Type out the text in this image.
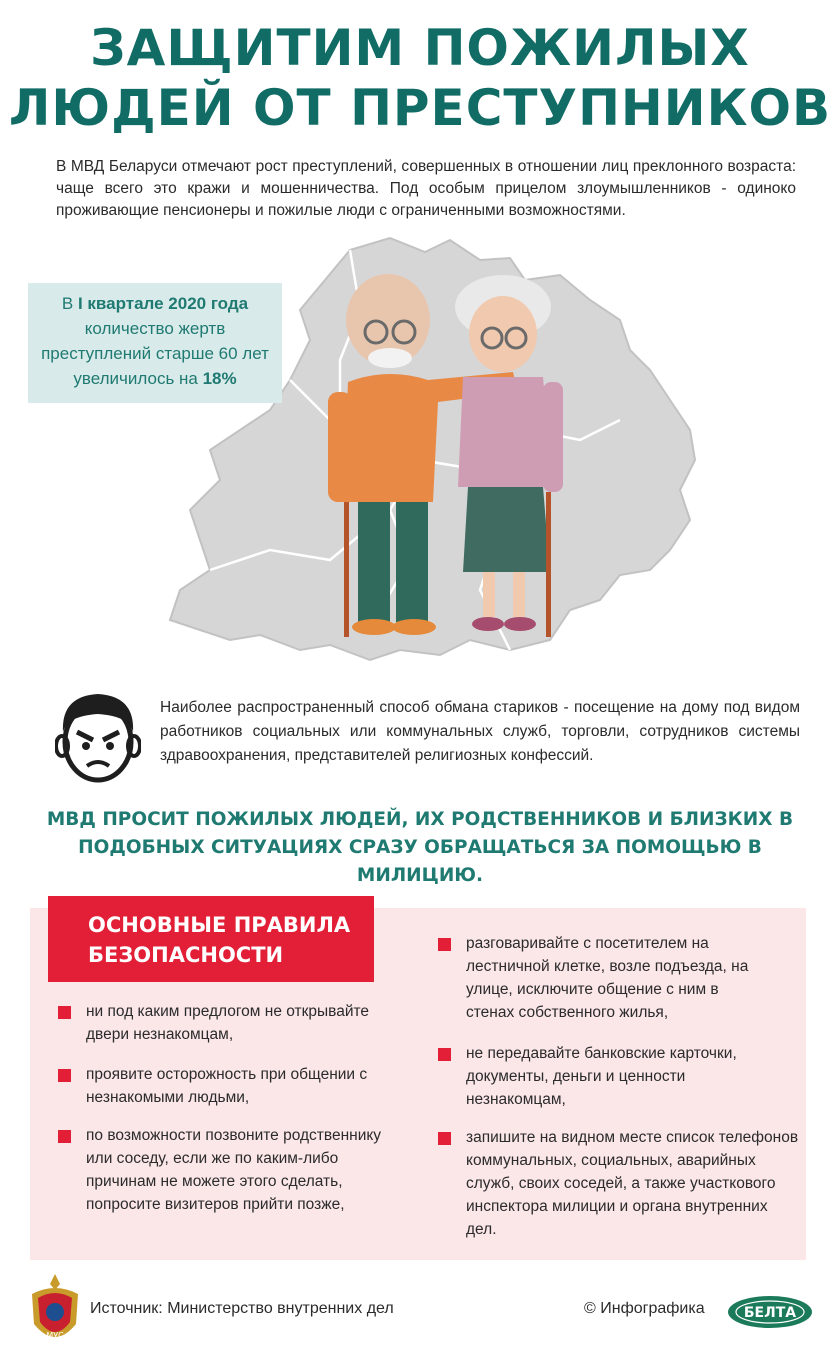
ЗАЩИТИМ ПОЖИЛЫХ
ЛЮДЕЙ ОТ ПРЕСТУПНИКОВ
В МВД Беларуси отмечают рост преступлений, совершенных в отношении лиц преклонного возраста: чаще всего это кражи и мошенничества. Под особым прицелом злоумышленников - одиноко проживающие пенсионеры и пожилые люди с ограниченными возможностями.
В I квартале 2020 года
количество жертв
преступлений старше 60 лет
увеличилось на 18%
Наиболее распространенный способ обмана стариков - посещение на дому под видом работников социальных или коммунальных служб, торговли, сотрудников системы здравоохранения, представителей религиозных конфессий.
МВД ПРОСИТ ПОЖИЛЫХ ЛЮДЕЙ, ИХ РОДСТВЕННИКОВ И БЛИЗКИХ В
ПОДОБНЫХ СИТУАЦИЯХ СРАЗУ ОБРАЩАТЬСЯ ЗА ПОМОЩЬЮ В МИЛИЦИЮ.
ОСНОВНЫЕ ПРАВИЛА
БЕЗОПАСНОСТИ
ни под каким предлогом не открывайте двери незнакомцам,
проявите осторожность при общении с незнакомыми людьми,
по возможности позвоните родственнику или соседу, если же по каким-либо причинам не можете этого сделать, попросите визитеров прийти позже,
разговаривайте с посетителем на лестничной клетке, возле подъезда, на улице, исключите общение с ним в стенах собственного жилья,
не передавайте банковские карточки, документы, деньги и ценности незнакомцам,
запишите на видном месте список телефонов коммунальных, социальных, аварийных служб, своих соседей, а также участкового инспектора милиции и органа внутренних дел.
МУС
Источник: Министерство внутренних дел	© Инфографика	БЕЛТА
